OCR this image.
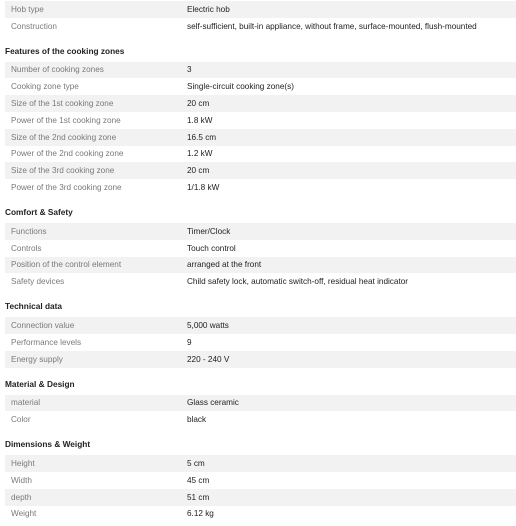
Hob type	Electric hob
Construction	self-sufficient, built-in appliance, without frame, surface-mounted, flush-mounted
Features of the cooking zones
Number of cooking zones	3
Cooking zone type	Single-circuit cooking zone(s)
Size of the 1st cooking zone	20 cm
Power of the 1st cooking zone	1.8 kW
Size of the 2nd cooking zone	16.5 cm
Power of the 2nd cooking zone	1.2 kW
Size of the 3rd cooking zone	20 cm
Power of the 3rd cooking zone	1/1.8 kW
Comfort & Safety
Functions	Timer/Clock
Controls	Touch control
Position of the control element	arranged at the front
Safety devices	Child safety lock, automatic switch-off, residual heat indicator
Technical data
Connection value	5,000 watts
Performance levels	9
Energy supply	220 - 240 V
Material & Design
material	Glass ceramic
Color	black
Dimensions & Weight
Height	5 cm
Width	45 cm
depth	51 cm
Weight	6.12 kg
